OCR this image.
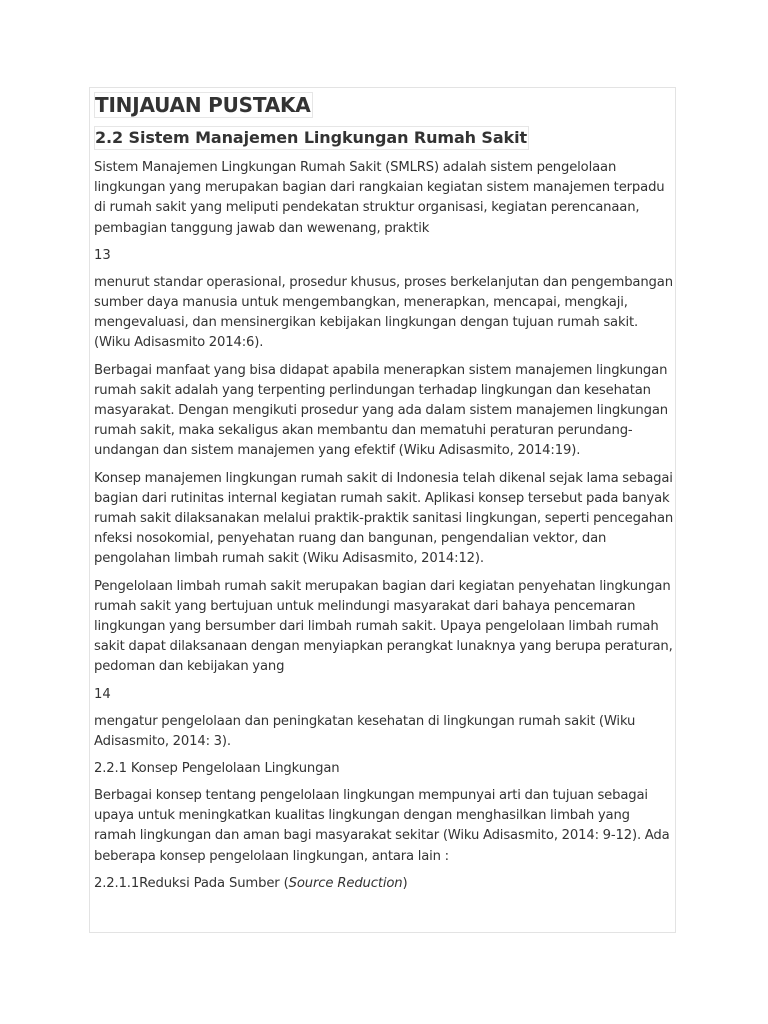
TINJAUAN PUSTAKA
2.2 Sistem Manajemen Lingkungan Rumah Sakit

Sistem Manajemen Lingkungan Rumah Sakit (SMLRS) adalah sistem pengelolaan lingkungan yang merupakan bagian dari rangkaian kegiatan sistem manajemen terpadu di rumah sakit yang meliputi pendekatan struktur organisasi, kegiatan perencanaan, pembagian tanggung jawab dan wewenang, praktik

13

menurut standar operasional, prosedur khusus, proses berkelanjutan dan pengembangan sumber daya manusia untuk mengembangkan, menerapkan, mencapai, mengkaji, mengevaluasi, dan mensinergikan kebijakan lingkungan dengan tujuan rumah sakit. (Wiku Adisasmito 2014:6).

Berbagai manfaat yang bisa didapat apabila menerapkan sistem manajemen lingkungan rumah sakit adalah yang terpenting perlindungan terhadap lingkungan dan kesehatan masyarakat. Dengan mengikuti prosedur yang ada dalam sistem manajemen lingkungan rumah sakit, maka sekaligus akan membantu dan mematuhi peraturan perundang-undangan dan sistem manajemen yang efektif (Wiku Adisasmito, 2014:19).

Konsep manajemen lingkungan rumah sakit di Indonesia telah dikenal sejak lama sebagai bagian dari rutinitas internal kegiatan rumah sakit. Aplikasi konsep tersebut pada banyak rumah sakit dilaksanakan melalui praktik-praktik sanitasi lingkungan, seperti pencegahan nfeksi nosokomial, penyehatan ruang dan bangunan, pengendalian vektor, dan pengolahan limbah rumah sakit (Wiku Adisasmito, 2014:12).

Pengelolaan limbah rumah sakit merupakan bagian dari kegiatan penyehatan lingkungan rumah sakit yang bertujuan untuk melindungi masyarakat dari bahaya pencemaran lingkungan yang bersumber dari limbah rumah sakit. Upaya pengelolaan limbah rumah sakit dapat dilaksanaan dengan menyiapkan perangkat lunaknya yang berupa peraturan, pedoman dan kebijakan yang

14

mengatur pengelolaan dan peningkatan kesehatan di lingkungan rumah sakit (Wiku Adisasmito, 2014: 3).

2.2.1 Konsep Pengelolaan Lingkungan

Berbagai konsep tentang pengelolaan lingkungan mempunyai arti dan tujuan sebagai upaya untuk meningkatkan kualitas lingkungan dengan menghasilkan limbah yang ramah lingkungan dan aman bagi masyarakat sekitar (Wiku Adisasmito, 2014: 9-12). Ada beberapa konsep pengelolaan lingkungan, antara lain :

2.2.1.1Reduksi Pada Sumber (Source Reduction)
